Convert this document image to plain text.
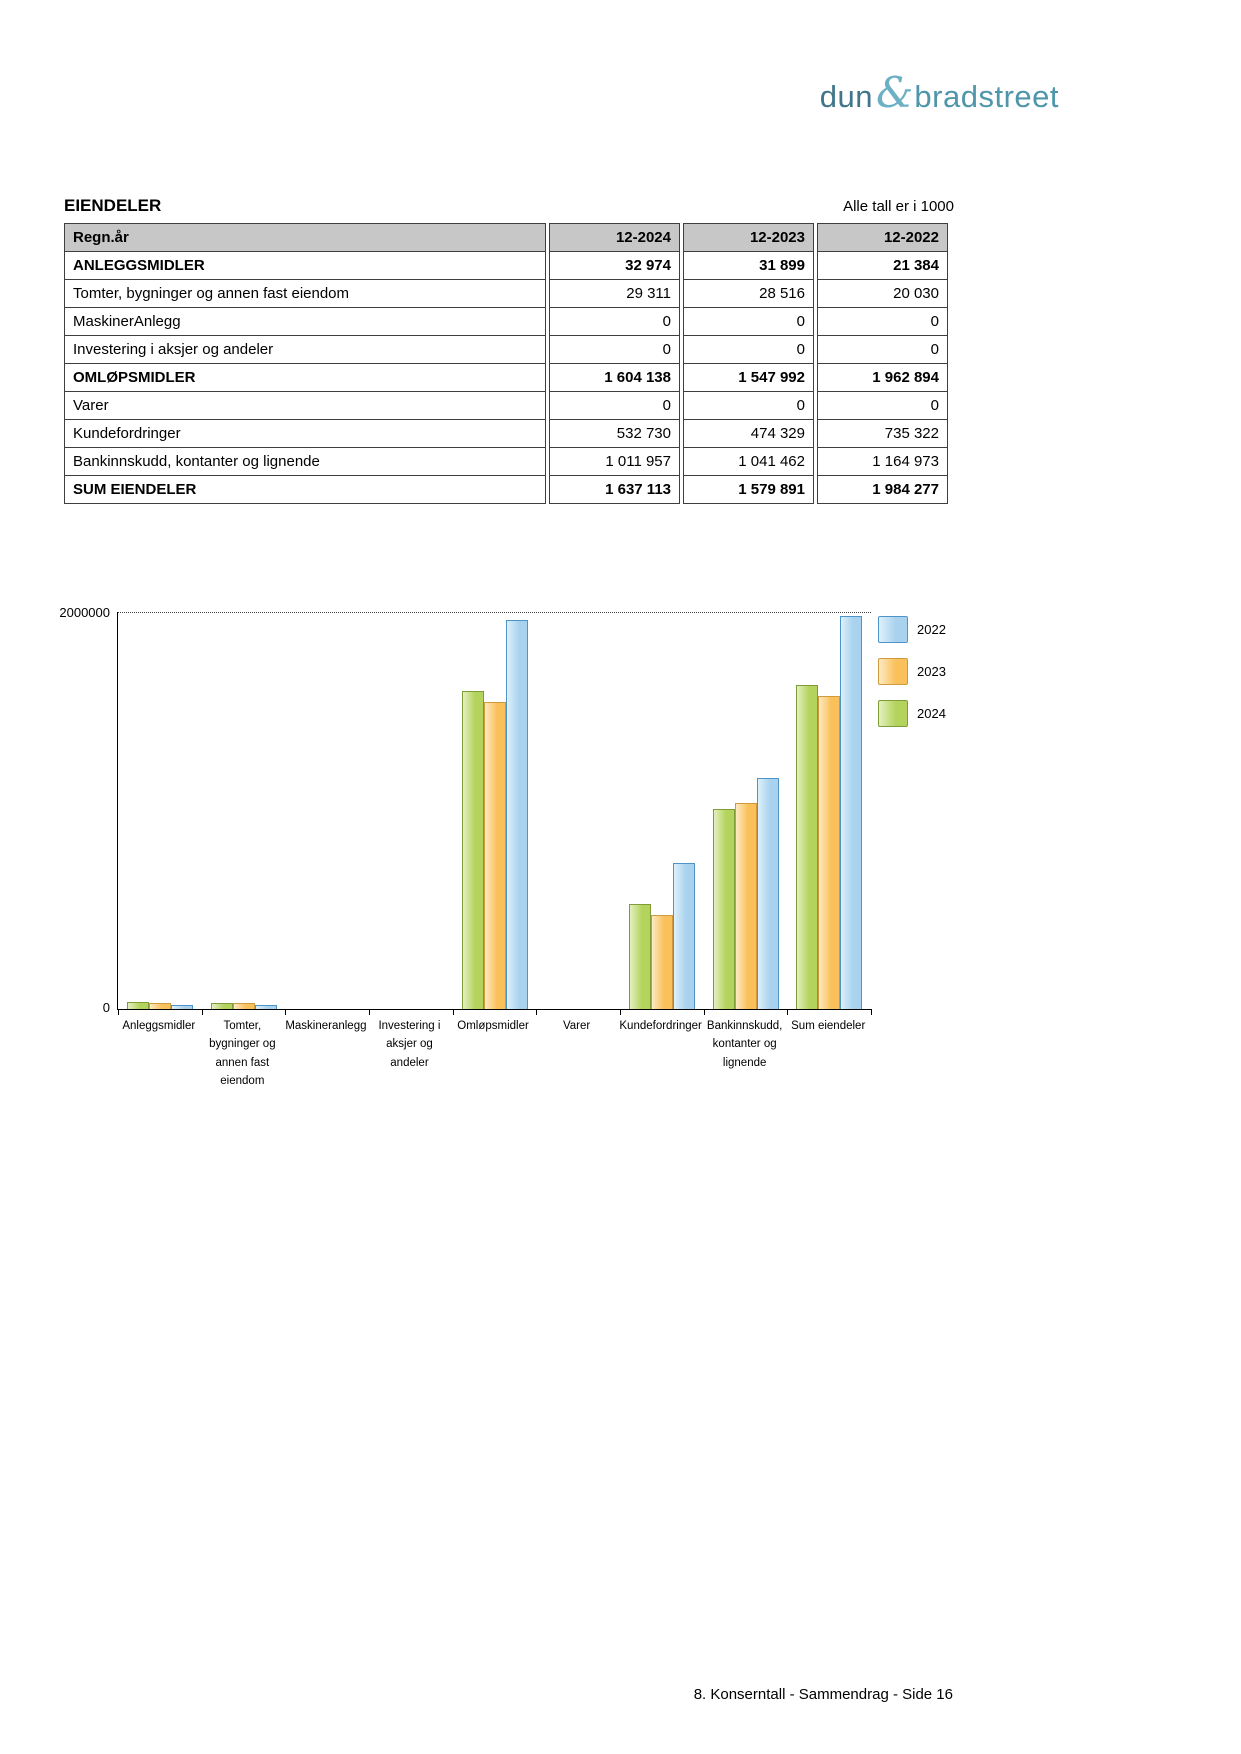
dun & bradstreet
EIENDELER	Alle tall er i 1000
Regn.år	12-2024	12-2023	12-2022
ANLEGGSMIDLER	32 974	31 899	21 384
Tomter, bygninger og annen fast eiendom	29 311	28 516	20 030
MaskinerAnlegg	0	0	0
Investering i aksjer og andeler	0	0	0
OMLØPSMIDLER	1 604 138	1 547 992	1 962 894
Varer	0	0	0
Kundefordringer	532 730	474 329	735 322
Bankinnskudd, kontanter og lignende	1 011 957	1 041 462	1 164 973
SUM EIENDELER	1 637 113	1 579 891	1 984 277
2000000
0
Anleggsmidler	Tomter, bygninger og annen fast eiendom
Maskineranlegg	Investering i aksjer og andeler
Omløpsmidler	Varer	Kundefordringer Bankinnskudd, kontanter og lignende
Sum eiendeler
2022
2023
2024
8. Konserntall - Sammendrag - Side 16
